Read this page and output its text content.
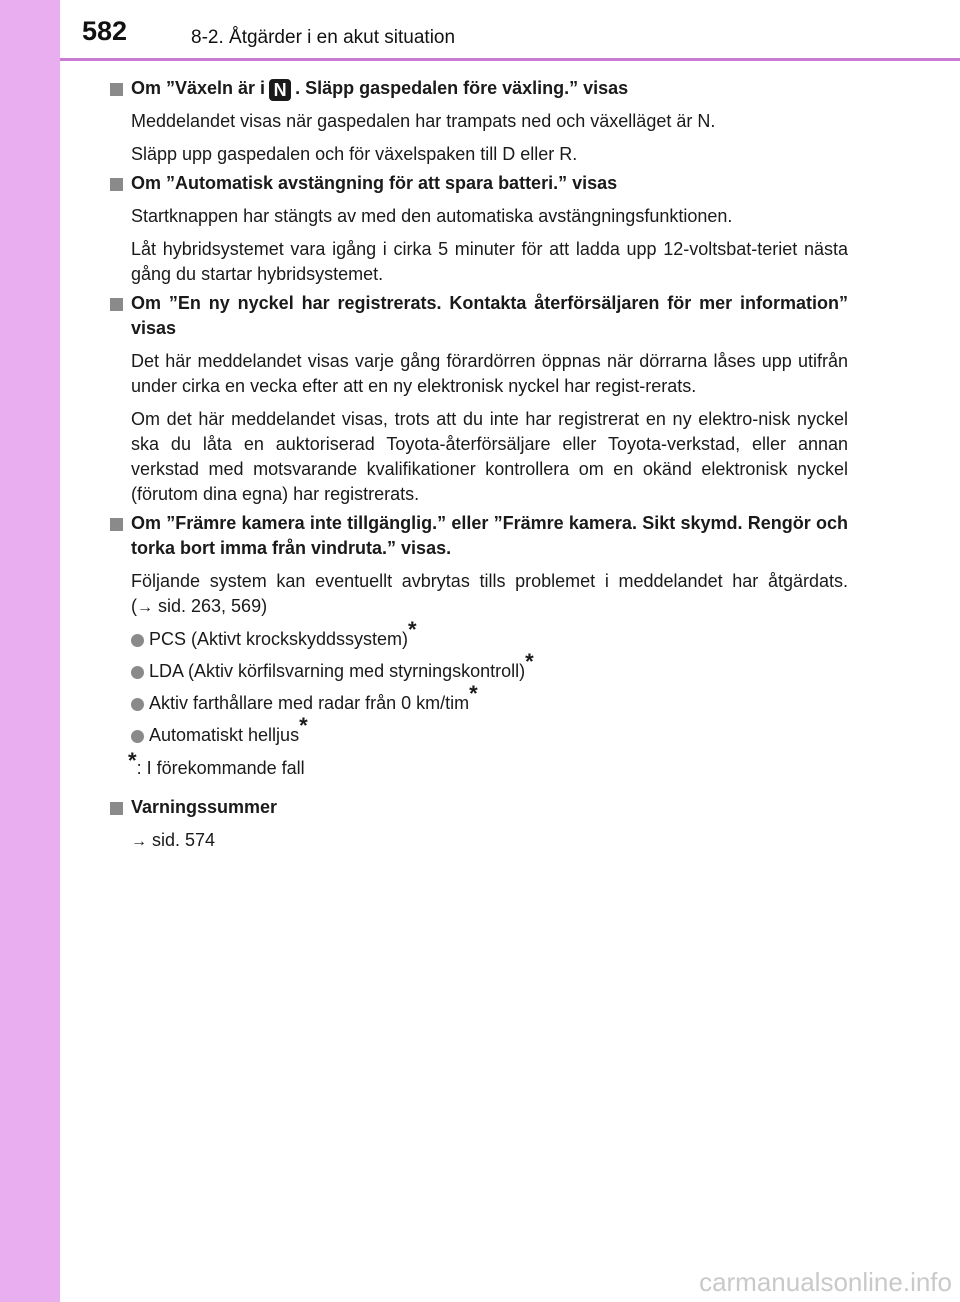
582	8-2. Åtgärder i en akut situation
Om ”Växeln är i N . Släpp gaspedalen före växling.” visas
Meddelandet visas när gaspedalen har trampats ned och växelläget är N.
Släpp upp gaspedalen och för växelspaken till D eller R.
Om ”Automatisk avstängning för att spara batteri.” visas
Startknappen har stängts av med den automatiska avstängningsfunktionen.
Låt hybridsystemet vara igång i cirka 5 minuter för att ladda upp 12-voltsbat-teriet nästa gång du startar hybridsystemet.
Om ”En ny nyckel har registrerats. Kontakta återförsäljaren för mer information” visas
Det här meddelandet visas varje gång förardörren öppnas när dörrarna låses upp utifrån under cirka en vecka efter att en ny elektronisk nyckel har regist-rerats.
Om det här meddelandet visas, trots att du inte har registrerat en ny elektro-nisk nyckel ska du låta en auktoriserad Toyota-återförsäljare eller Toyota-verkstad, eller annan verkstad med motsvarande kvalifikationer kontrollera om en okänd elektronisk nyckel (förutom dina egna) har registrerats.
Om ”Främre kamera inte tillgänglig.” eller ”Främre kamera. Sikt skymd. Rengör och torka bort imma från vindruta.” visas.
Följande system kan eventuellt avbrytas tills problemet i meddelandet har åtgärdats. (→ sid. 263, 569)
PCS (Aktivt krockskyddssystem)*
LDA (Aktiv körfilsvarning med styrningskontroll)*
Aktiv farthållare med radar från 0 km/tim*
Automatiskt helljus*
*: I förekommande fall
Varningssummer
→ sid. 574
carmanualsonline.info
